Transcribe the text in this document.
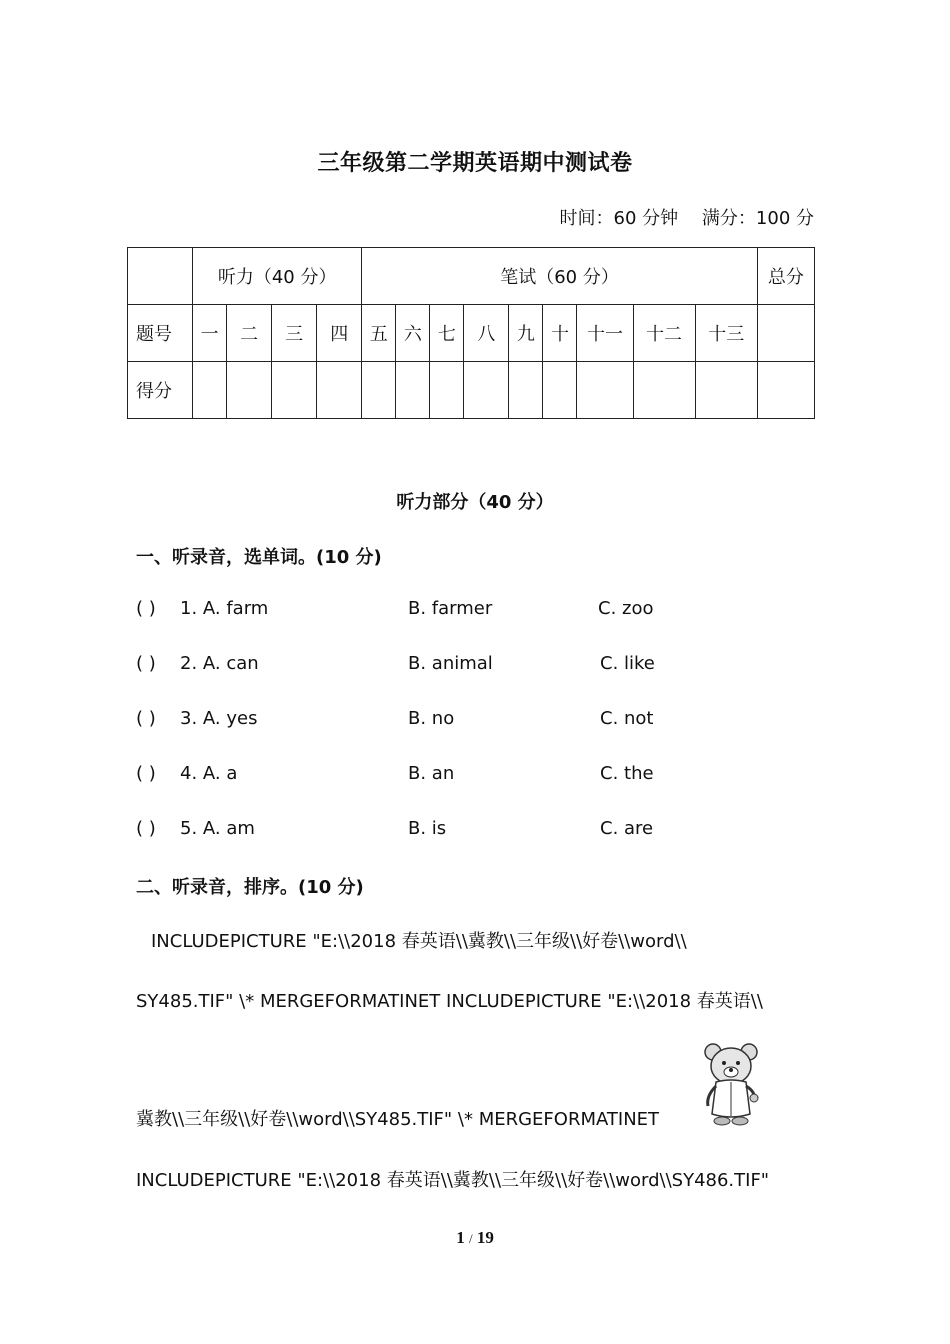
三年级第二学期英语期中测试卷
时间：60 分钟 满分：100 分
	听力（40 分）				笔试（60 分）									总分
题号	一	二	三	四	五	六	七	八	九	十	十一	十二	十三	
得分														
听力部分（40 分）
一、听录音，选单词。(10 分)
( ) 1. A. farm	B. farmer	C. zoo
( ) 2. A. can	B. animal	C. like
( ) 3. A. yes	B. no	C. not
( ) 4. A. a	B. an	C. the
( ) 5. A. am	B. is	C. are
二、听录音，排序。(10 分)
INCLUDEPICTURE "E:\\2018 春英语\\冀教\\三年级\\好卷\\word\\
SY485.TIF" \* MERGEFORMATINET INCLUDEPICTURE "E:\\2018 春英语\\
冀教\\三年级\\好卷\\word\\SY485.TIF" \* MERGEFORMATINET
INCLUDEPICTURE "E:\\2018 春英语\\冀教\\三年级\\好卷\\word\\SY486.TIF"
1 / 19
